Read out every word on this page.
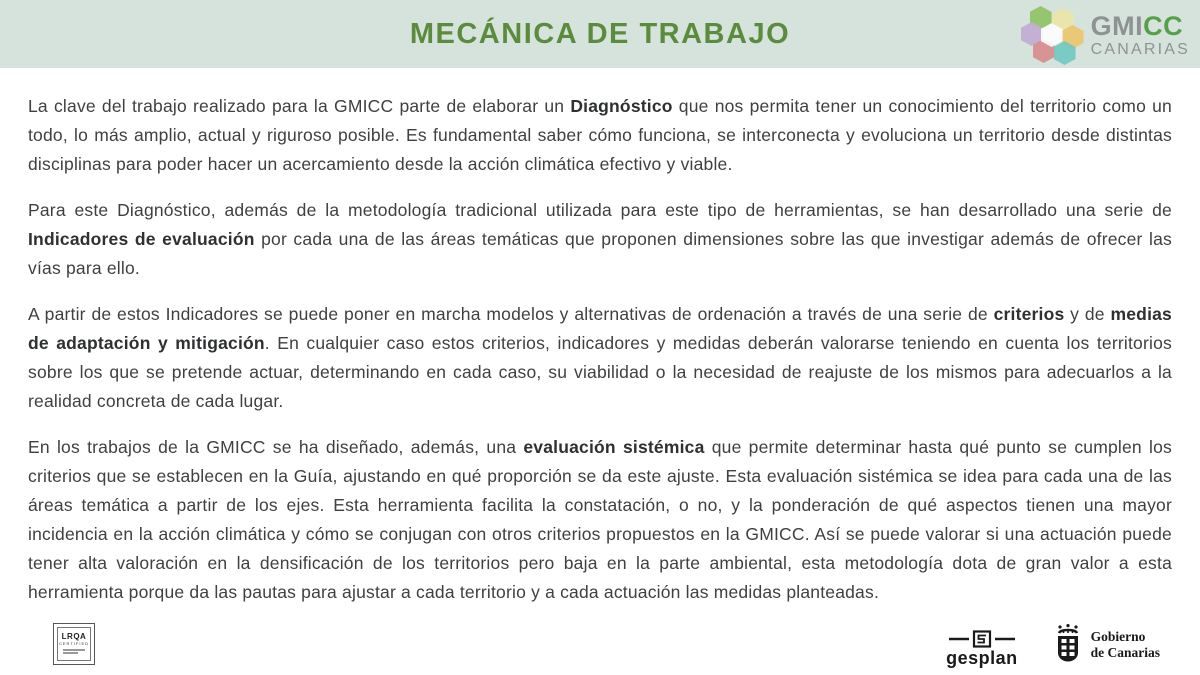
MECÁNICA DE TRABAJO	GMICC
CANARIAS

La clave del trabajo realizado para la GMICC parte de elaborar un Diagnóstico que nos permita tener un conocimiento del territorio como un todo, lo más amplio, actual y riguroso posible. Es fundamental saber cómo funciona, se interconecta y evoluciona un territorio desde distintas disciplinas para poder hacer un acercamiento desde la acción climática efectivo y viable.

Para este Diagnóstico, además de la metodología tradicional utilizada para este tipo de herramientas, se han desarrollado una serie de Indicadores de evaluación por cada una de las áreas temáticas que proponen dimensiones sobre las que investigar además de ofrecer las vías para ello.

A partir de estos Indicadores se puede poner en marcha modelos y alternativas de ordenación a través de una serie de criterios y de medias de adaptación y mitigación. En cualquier caso estos criterios, indicadores y medidas deberán valorarse teniendo en cuenta los territorios sobre los que se pretende actuar, determinando en cada caso, su viabilidad o la necesidad de reajuste de los mismos para adecuarlos a la realidad concreta de cada lugar.

En los trabajos de la GMICC se ha diseñado, además, una evaluación sistémica que permite determinar hasta qué punto se cumplen los criterios que se establecen en la Guía, ajustando en qué proporción se da este ajuste. Esta evaluación sistémica se idea para cada una de las áreas temática a partir de los ejes. Esta herramienta facilita la constatación, o no, y la ponderación de qué aspectos tienen una mayor incidencia en la acción climática y cómo se conjugan con otros criterios propuestos en la GMICC. Así se puede valorar si una actuación puede tener alta valoración en la densificación de los territorios pero baja en la parte ambiental, esta metodología dota de gran valor a esta herramienta porque da las pautas para ajustar a cada territorio y a cada actuación las medidas planteadas.

LRQA
CERTIFIED
gesplan
Gobierno
de Canarias
